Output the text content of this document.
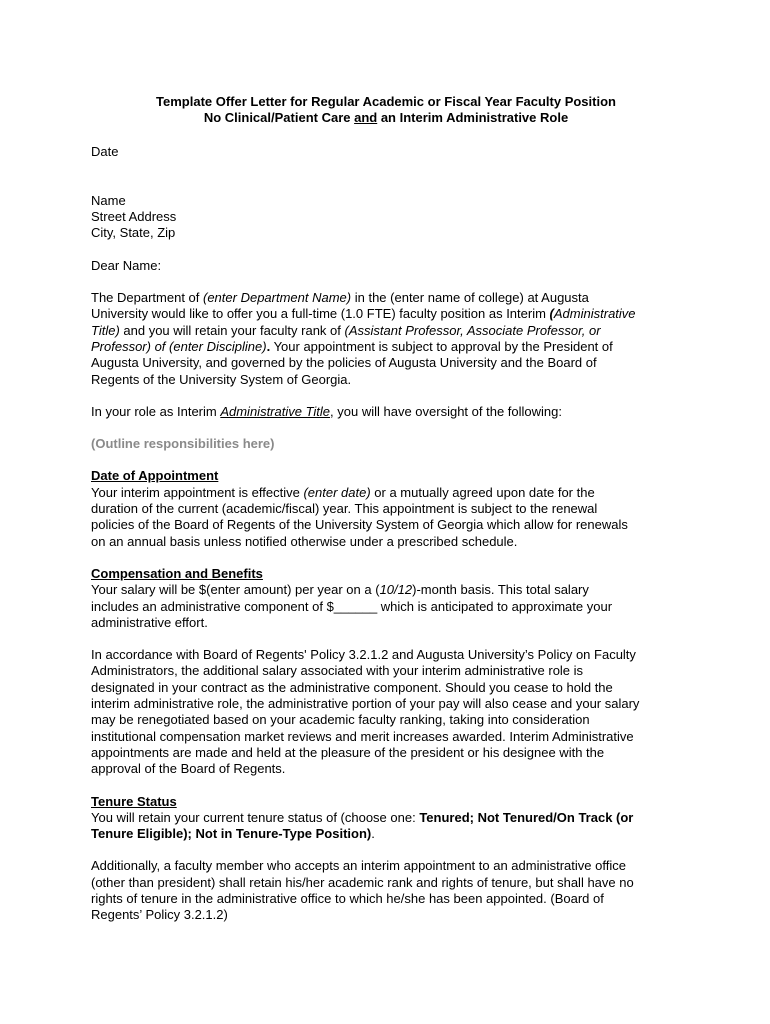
Template Offer Letter for Regular Academic or Fiscal Year Faculty Position
No Clinical/Patient Care and an Interim Administrative Role

Date

Name

Street Address

City, State, Zip

Dear Name:

The Department of (enter Department Name) in the (enter name of college) at Augusta

University would like to offer you a full-time (1.0 FTE) faculty position as Interim (Administrative

Title) and you will retain your faculty rank of (Assistant Professor, Associate Professor, or

Professor) of (enter Discipline). Your appointment is subject to approval by the President of

Augusta University, and governed by the policies of Augusta University and the Board of

Regents of the University System of Georgia.

In your role as Interim Administrative Title, you will have oversight of the following:

(Outline responsibilities here)

Date of Appointment

Your interim appointment is effective (enter date) or a mutually agreed upon date for the

duration of the current (academic/fiscal) year. This appointment is subject to the renewal

policies of the Board of Regents of the University System of Georgia which allow for renewals

on an annual basis unless notified otherwise under a prescribed schedule.

Compensation and Benefits

Your salary will be $(enter amount) per year on a (10/12)-month basis. This total salary

includes an administrative component of $______ which is anticipated to approximate your

administrative effort.

In accordance with Board of Regents' Policy 3.2.1.2 and Augusta University’s Policy on Faculty

Administrators, the additional salary associated with your interim administrative role is

designated in your contract as the administrative component. Should you cease to hold the

interim administrative role, the administrative portion of your pay will also cease and your salary

may be renegotiated based on your academic faculty ranking, taking into consideration

institutional compensation market reviews and merit increases awarded. Interim Administrative

appointments are made and held at the pleasure of the president or his designee with the

approval of the Board of Regents.

Tenure Status

You will retain your current tenure status of (choose one: Tenured; Not Tenured/On Track (or

Tenure Eligible); Not in Tenure-Type Position).

Additionally, a faculty member who accepts an interim appointment to an administrative office

(other than president) shall retain his/her academic rank and rights of tenure, but shall have no

rights of tenure in the administrative office to which he/she has been appointed. (Board of

Regents’ Policy 3.2.1.2)
